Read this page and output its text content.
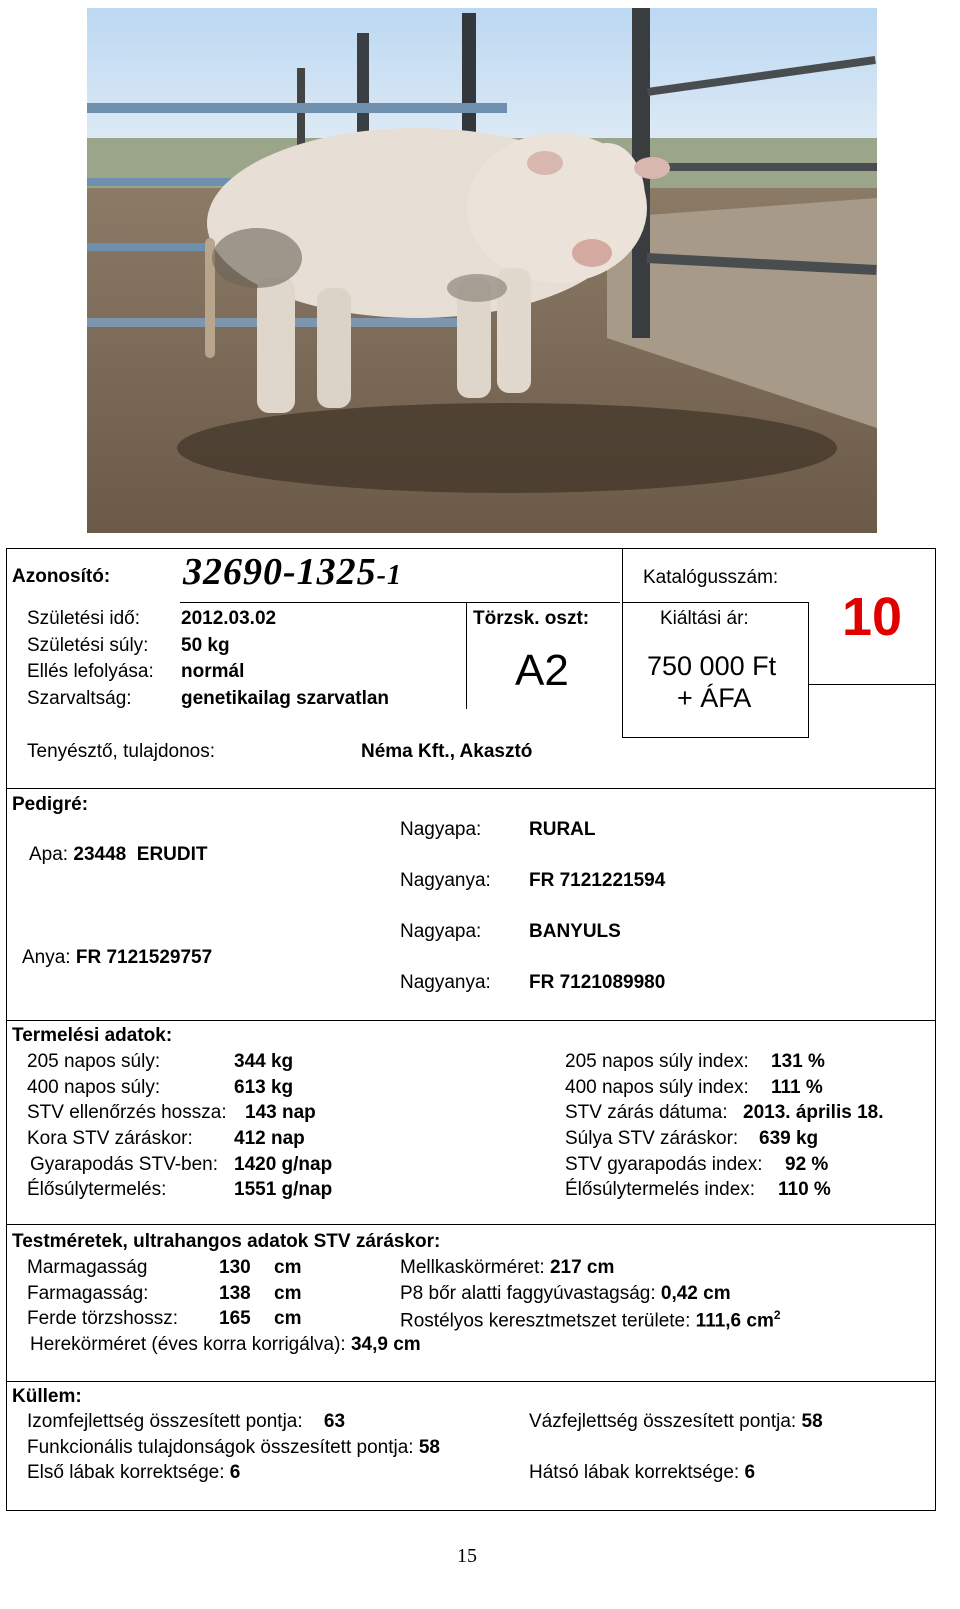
Azonosító: 32690-1325-1	Katalógusszám:
10
Születési idő: 2012.03.02
Születési súly: 50 kg
Ellés lefolyása: normál
Szarvaltság:	genetikailag szarvatlan
Törzsk. oszt:
A2
Kiáltási ár:
750 000 Ft
+ ÁFA
Tenyésztő, tulajdonos:	Néma Kft., Akasztó
Pedigré:
Apa: 23448  ERUDIT
Anya: FR 7121529757
Nagyapa:	RURAL
Nagyanya: FR 7121221594
Nagyapa:	BANYULS
Nagyanya: FR 7121089980
Termelési adatok:
205 napos súly:	344 kg
400 napos súly:	613 kg
STV ellenőrzés hossza: 143 nap
Kora STV záráskor: 412 nap
Gyarapodás STV-ben: 1420 g/nap
Élősúlytermelés:	1551 g/nap
205 napos súly index: 131 %
400 napos súly index: 111 %
STV zárás dátuma: 2013. április 18.
Súlya STV záráskor: 639 kg
STV gyarapodás index: 92 %
Élősúlytermelés index: 110 %
Testméretek, ultrahangos adatok STV záráskor:
Marmagasság	130 cm
Farmagasság:	138 cm
Ferde törzshossz: 165 cm
Mellkaskörméret: 217 cm
P8 bőr alatti faggyúvastagság: 0,42 cm
Rostélyos keresztmetszet területe: 111,6 $cm^2$
Herekörméret (éves korra korrigálva): 34,9 cm
Küllem:
Izomfejlettség összesített pontja: 63	Vázfejlettség összesített pontja: 58
Funkcionális tulajdonságok összesített pontja: 58
Első lábak korrektsége: 6	Hátsó lábak korrektsége: 6
15
